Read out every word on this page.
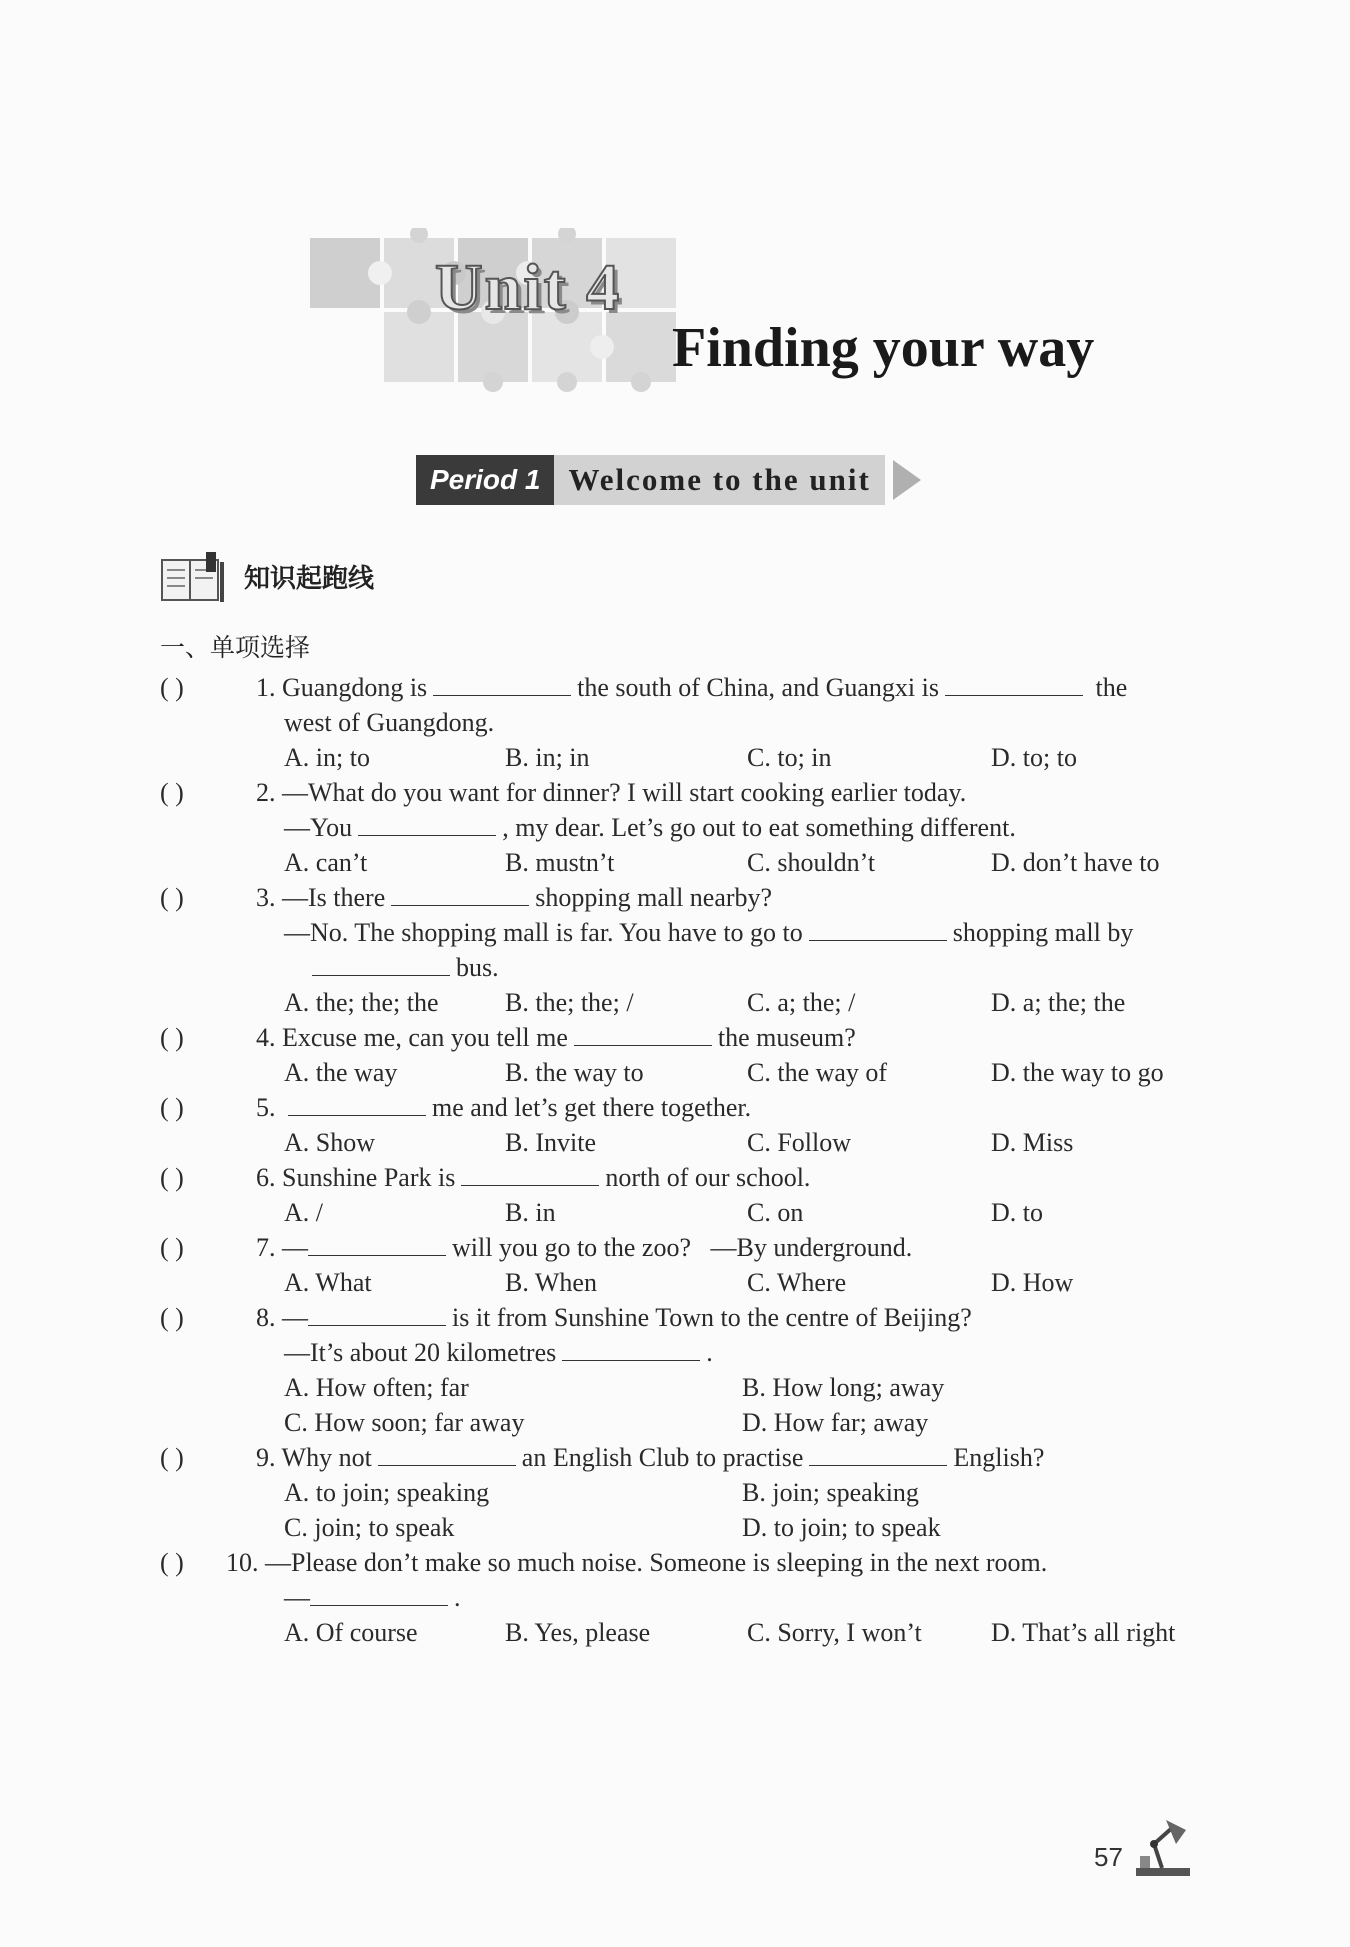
Unit 4
Finding your way
Period 1 Welcome to the unit
知识起跑线
一、单项选择
( )	1. Guangdong is	the south of China, and Guangxi is	the
west of Guangdong.
A. in; to	B. in; in	C. to; in	D. to; to
( )	2. —What do you want for dinner? I will start cooking earlier today.
—You	, my dear. Let’s go out to eat something different.
A. can’t	B. mustn’t	C. shouldn’t	D. don’t have to
( )	3. —Is there	shopping mall nearby?
—No. The shopping mall is far. You have to go to	shopping mall by
bus.
A. the; the; the	B. the; the; /	C. a; the; /	D. a; the; the
( )	4. Excuse me, can you tell me	the museum?
A. the way	B. the way to	C. the way of	D. the way to go
( )	5.	me and let’s get there together.
A. Show	B. Invite	C. Follow	D. Miss
( )	6. Sunshine Park is	north of our school.
A. /	B. in	C. on	D. to
( )	7. —	will you go to the zoo? —By underground.
A. What	B. When	C. Where	D. How
( )	8. —	is it from Sunshine Town to the centre of Beijing?
—It’s about 20 kilometres	.
A. How often; far	B. How long; away
C. How soon; far away	D. How far; away
( )	9. Why not	an English Club to practise	English?
A. to join; speaking	B. join; speaking
C. join; to speak	D. to join; to speak
( )	10. —Please don’t make so much noise. Someone is sleeping in the next room.
—	.
A. Of course	B. Yes, please	C. Sorry, I won’t	D. That’s all right
57
